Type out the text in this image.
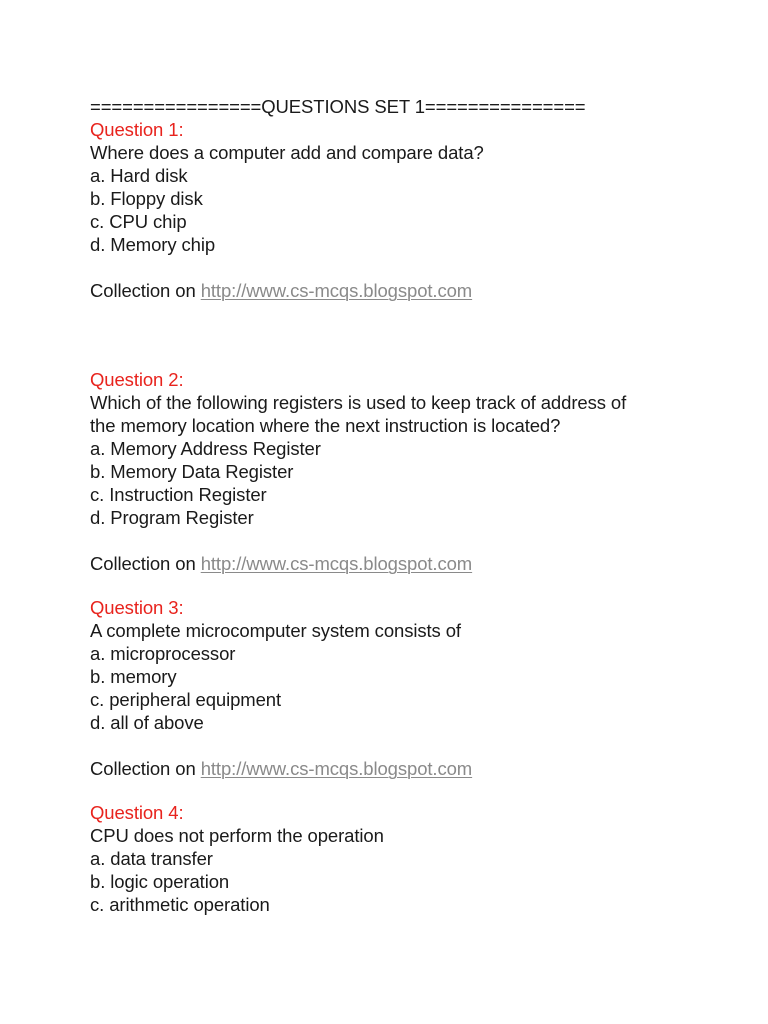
================QUESTIONS SET 1===============
Question 1:
Where does a computer add and compare data?
a. Hard disk
b. Floppy disk
c. CPU chip
d. Memory chip
Collection on http://www.cs-mcqs.blogspot.com
Question 2:
Which of the following registers is used to keep track of address of
the memory location where the next instruction is located?
a. Memory Address Register
b. Memory Data Register
c. Instruction Register
d. Program Register
Collection on http://www.cs-mcqs.blogspot.com
Question 3:
A complete microcomputer system consists of
a. microprocessor
b. memory
c. peripheral equipment
d. all of above
Collection on http://www.cs-mcqs.blogspot.com
Question 4:
CPU does not perform the operation
a. data transfer
b. logic operation
c. arithmetic operation
